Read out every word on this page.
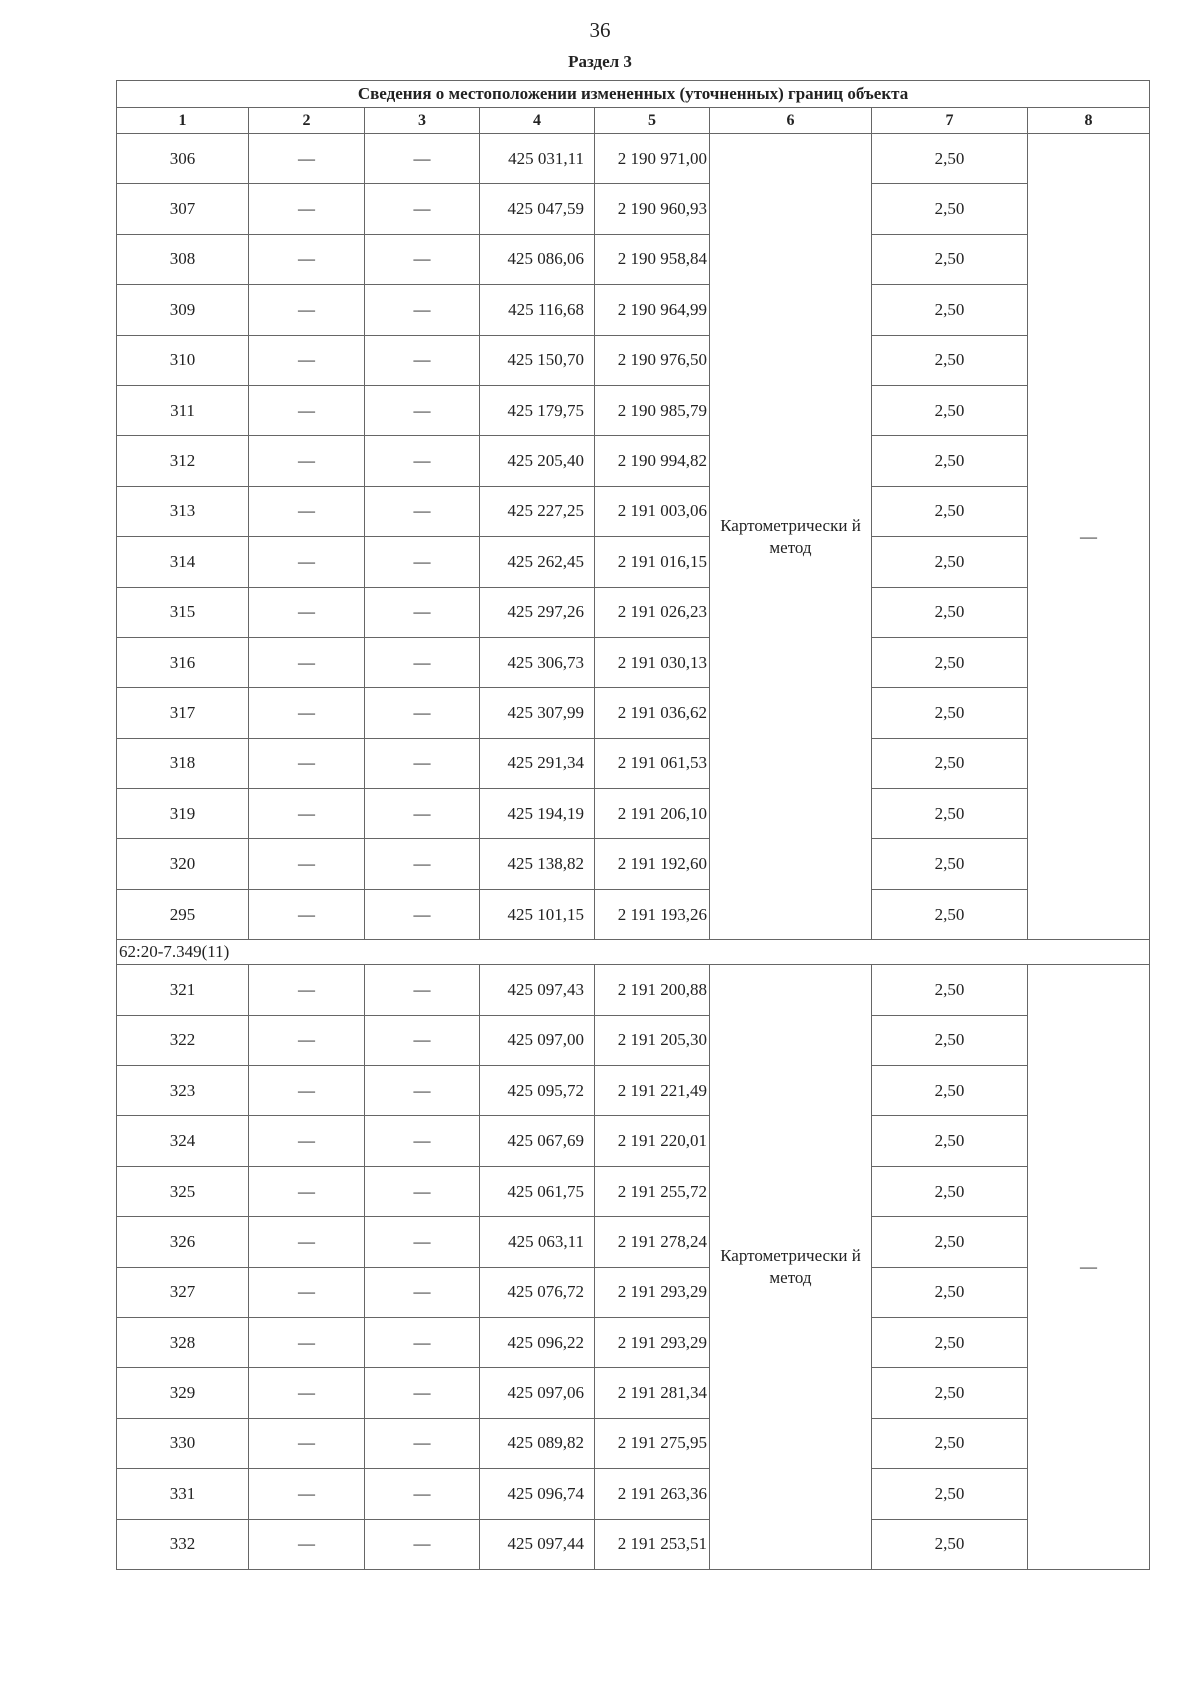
36
Раздел 3
Сведения о местоположении измененных (уточненных) границ объекта							
1	2	3	4	5	6	7	8
306	—	—	425 031,11	2 190 971,00	Картометрически й метод	2,50	—
307	—	—	425 047,59	2 190 960,93		2,50	
308	—	—	425 086,06	2 190 958,84		2,50	
309	—	—	425 116,68	2 190 964,99		2,50	
310	—	—	425 150,70	2 190 976,50		2,50	
311	—	—	425 179,75	2 190 985,79		2,50	
312	—	—	425 205,40	2 190 994,82		2,50	
313	—	—	425 227,25	2 191 003,06		2,50	
314	—	—	425 262,45	2 191 016,15		2,50	
315	—	—	425 297,26	2 191 026,23		2,50	
316	—	—	425 306,73	2 191 030,13		2,50	
317	—	—	425 307,99	2 191 036,62		2,50	
318	—	—	425 291,34	2 191 061,53		2,50	
319	—	—	425 194,19	2 191 206,10		2,50	
320	—	—	425 138,82	2 191 192,60		2,50	
295	—	—	425 101,15	2 191 193,26		2,50	
62:20-7.349(11)							
321	—	—	425 097,43	2 191 200,88	Картометрически й метод	2,50	—
322	—	—	425 097,00	2 191 205,30		2,50	
323	—	—	425 095,72	2 191 221,49		2,50	
324	—	—	425 067,69	2 191 220,01		2,50	
325	—	—	425 061,75	2 191 255,72		2,50	
326	—	—	425 063,11	2 191 278,24		2,50	
327	—	—	425 076,72	2 191 293,29		2,50	
328	—	—	425 096,22	2 191 293,29		2,50	
329	—	—	425 097,06	2 191 281,34		2,50	
330	—	—	425 089,82	2 191 275,95		2,50	
331	—	—	425 096,74	2 191 263,36		2,50	
332	—	—	425 097,44	2 191 253,51		2,50	
